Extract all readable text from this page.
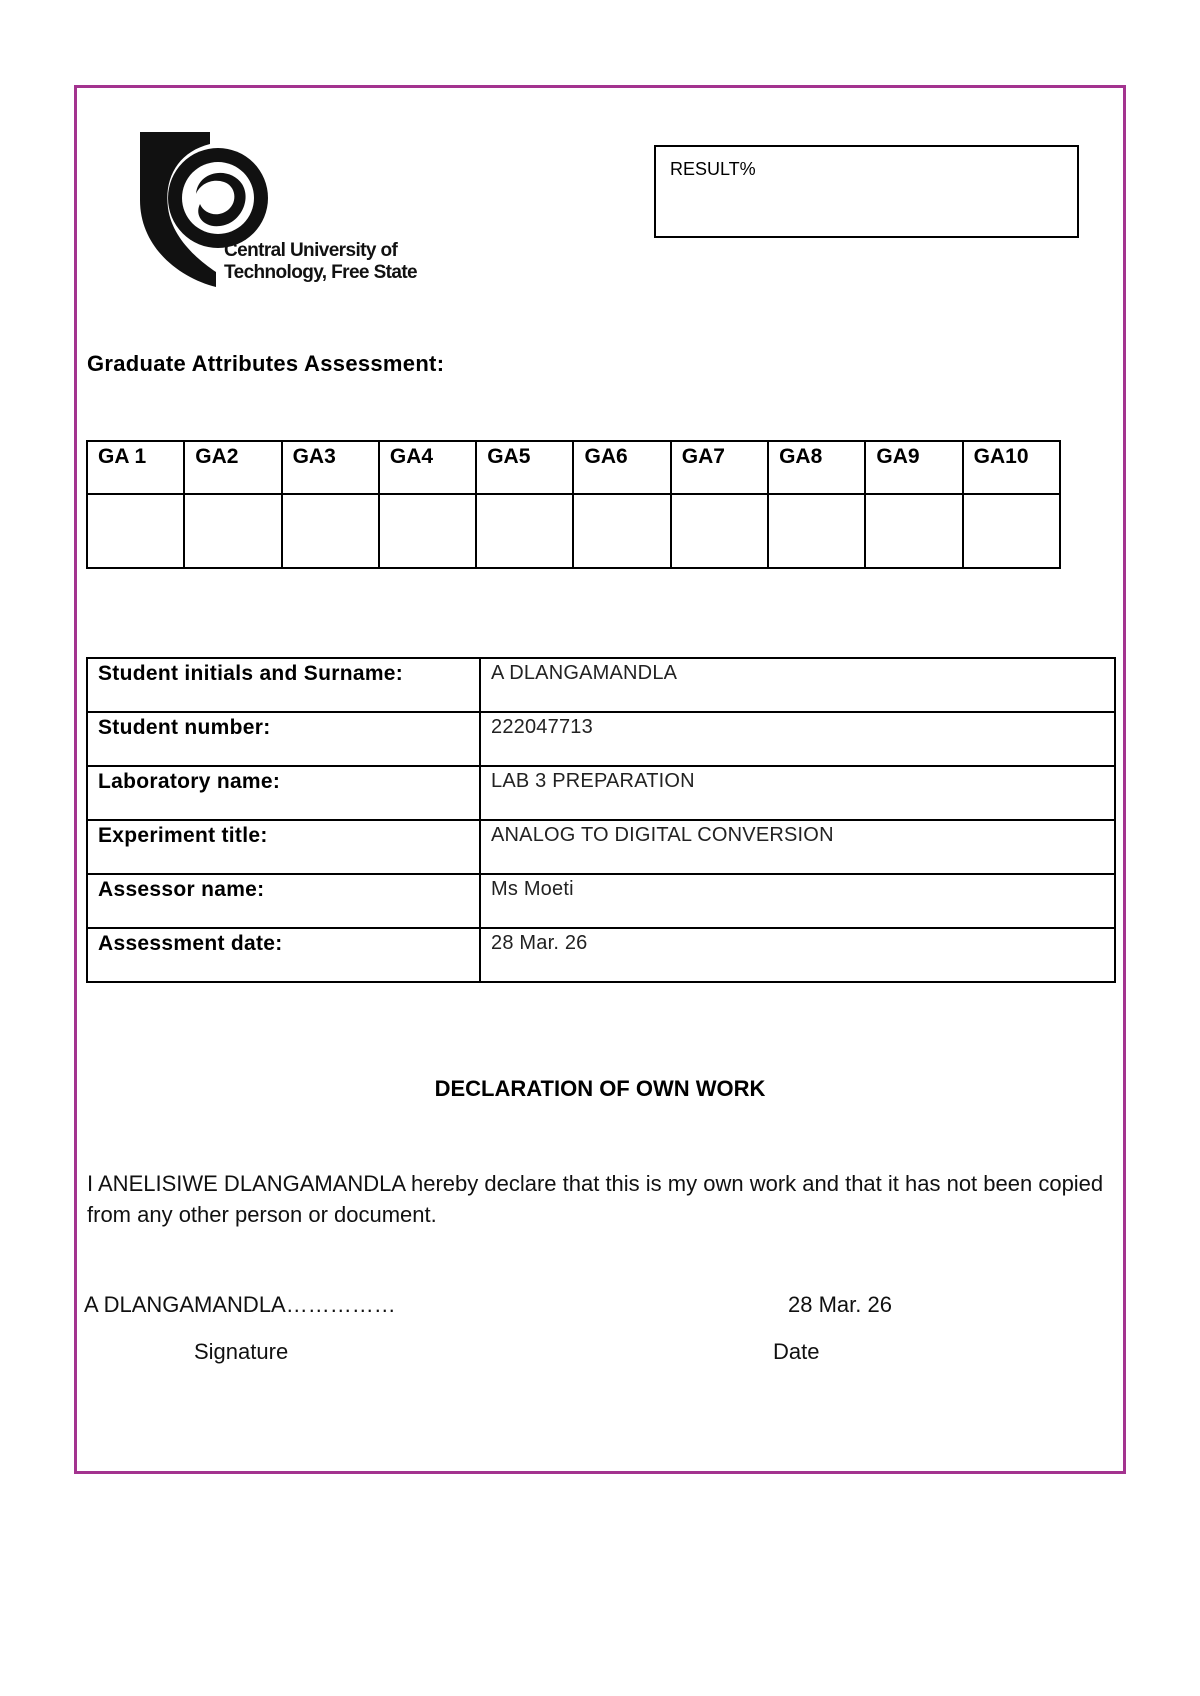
Central University of
Technology, Free State
RESULT%
Graduate Attributes Assessment:
GA 1	GA2	GA3	GA4	GA5	GA6	GA7	GA8	GA9	GA10

Student initials and Surname:	A DLANGAMANDLA
Student number:	222047713
Laboratory name:	LAB 3 PREPARATION
Experiment title:	ANALOG TO DIGITAL CONVERSION
Assessor name:	Ms Moeti
Assessment date:	28 Mar. 26
DECLARATION OF OWN WORK
I ANELISIWE DLANGAMANDLA hereby declare that this is my own work and that it has not been copied from any other person or document.
A DLANGAMANDLA……………	28 Mar. 26
Signature	Date
